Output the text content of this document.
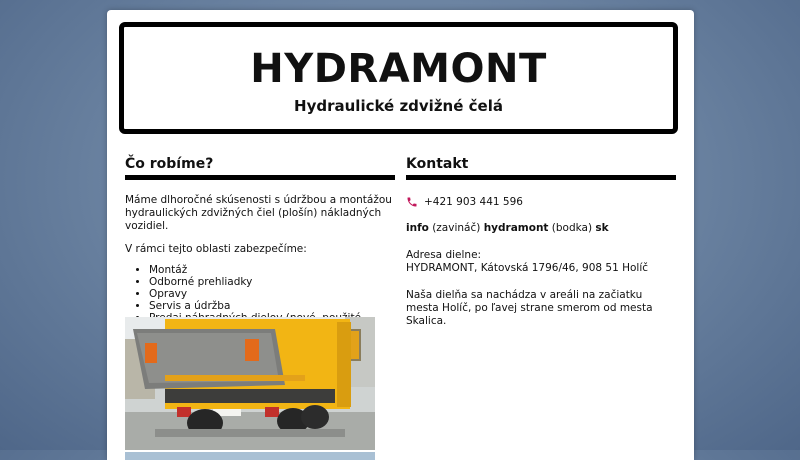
HYDRAMONT
Hydraulické zdvižné čelá
Čo robíme?

Máme dlhoročné skúsenosti s údržbou a montážou hydraulických zdvižných čiel (plošín) nákladných vozidiel.

V rámci tejto oblasti zabezpečíme:

• Montáž
• Odborné prehliadky
• Opravy
• Servis a údržba
•
Kontakt
+421 903 441 596

info (zavináč) hydramont (bodka) sk

Adresa dielne:
HYDRAMONT, Kátovská 1796/46, 908 51 Holíč

Naša dielňa sa nachádza v areáli na začiatku mesta Holíč, po ľavej strane smerom od mesta Skalica.
